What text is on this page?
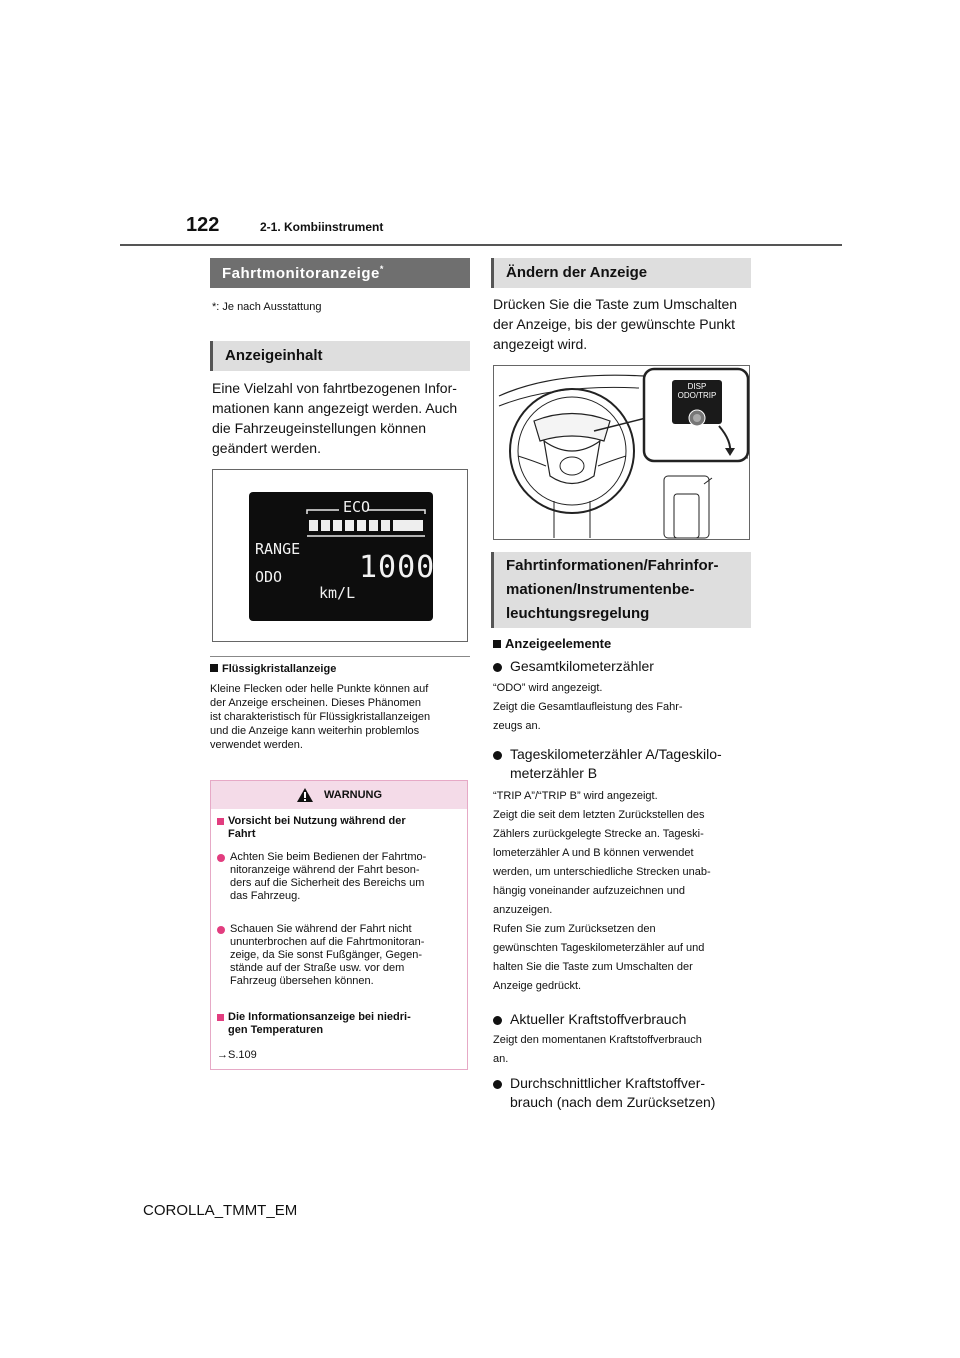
122	2-1. Kombiinstrument
Fahrtmonitoranzeige*
*: Je nach Ausstattung
Anzeigeinhalt
Eine Vielzahl von fahrtbezogenen Infor-
mationen kann angezeigt werden. Auch
die Fahrzeugeinstellungen können
geändert werden.
ECO
RANGE
ODO	1000
km/L
Flüssigkristallanzeige
Kleine Flecken oder helle Punkte können auf
der Anzeige erscheinen. Dieses Phänomen
ist charakteristisch für Flüssigkristallanzeigen
und die Anzeige kann weiterhin problemlos
verwendet werden.
WARNUNG
Vorsicht bei Nutzung während der
Fahrt
Achten Sie beim Bedienen der Fahrtmo-
nitoranzeige während der Fahrt beson-
ders auf die Sicherheit des Bereichs um
das Fahrzeug.
Schauen Sie während der Fahrt nicht
ununterbrochen auf die Fahrtmonitoran-
zeige, da Sie sonst Fußgänger, Gegen-
stände auf der Straße usw. vor dem
Fahrzeug übersehen können.
Die Informationsanzeige bei niedri-
gen Temperaturen
→S.109
Ändern der Anzeige
Drücken Sie die Taste zum Umschalten
der Anzeige, bis der gewünschte Punkt
angezeigt wird.
DISP
ODO/TRIP
Fahrtinformationen/Fahrinfor-
mationen/Instrumentenbe-
leuchtungsregelung
Anzeigeelemente
Gesamtkilometerzähler
“ODO” wird angezeigt.
Zeigt die Gesamtlaufleistung des Fahr-
zeugs an.
Tageskilometerzähler A/Tageskilo-
meterzähler B
“TRIP A”/“TRIP B” wird angezeigt.
Zeigt die seit dem letzten Zurückstellen des
Zählers zurückgelegte Strecke an. Tageski-
lometerzähler A und B können verwendet
werden, um unterschiedliche Strecken unab-
hängig voneinander aufzuzeichnen und
anzuzeigen.
Rufen Sie zum Zurücksetzen den
gewünschten Tageskilometerzähler auf und
halten Sie die Taste zum Umschalten der
Anzeige gedrückt.
Aktueller Kraftstoffverbrauch
Zeigt den momentanen Kraftstoffverbrauch
an.
Durchschnittlicher Kraftstoffver-
brauch (nach dem Zurücksetzen)
COROLLA_TMMT_EM
